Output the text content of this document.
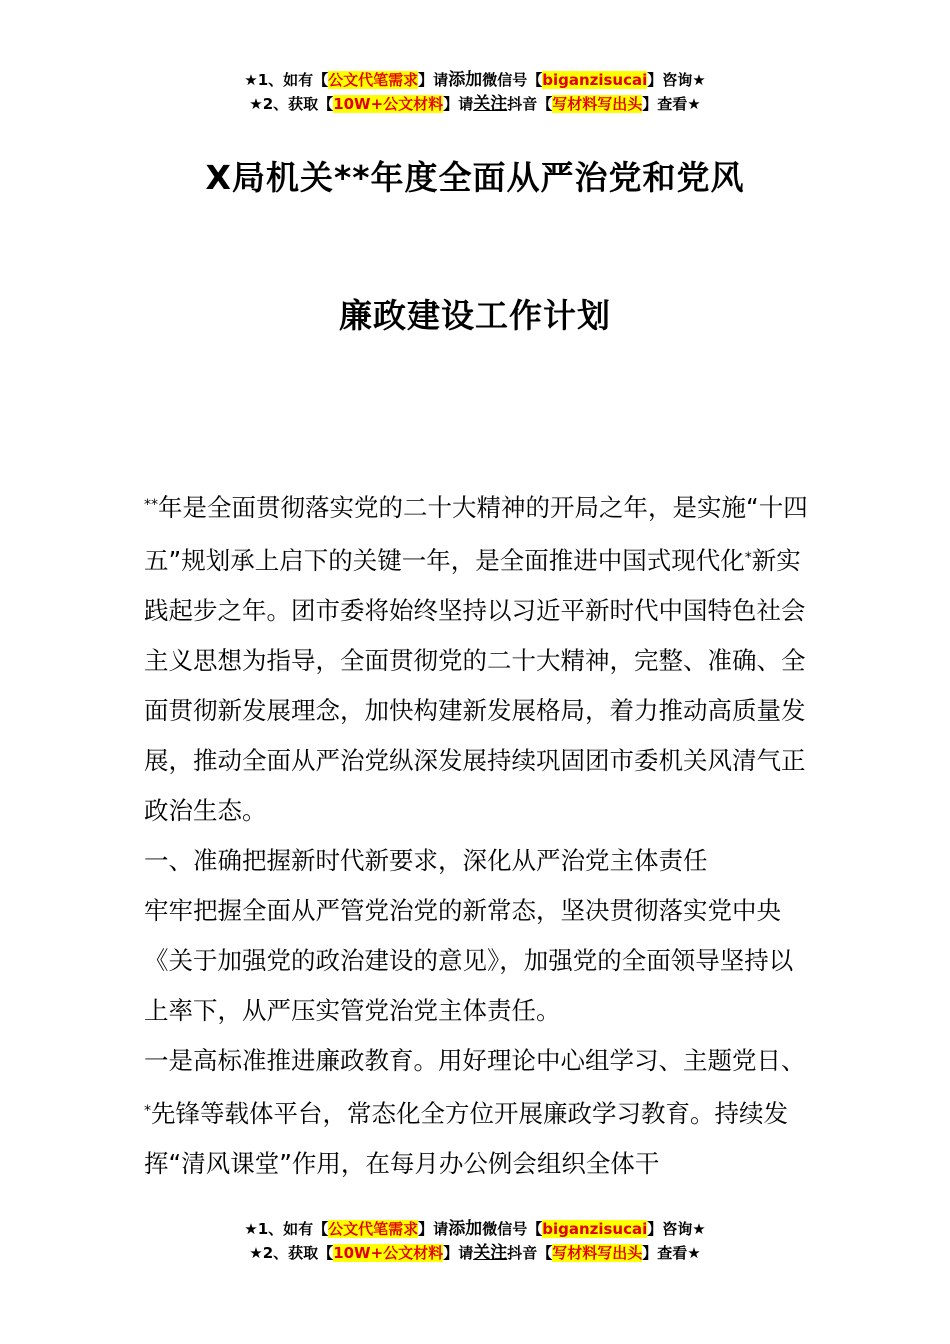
★1、如有【公文代笔需求】请添加微信号【biganzisucai】咨询★
★2、获取【10W+公文材料】请关注抖音【写材料写出头】查看★
X局机关**年度全面从严治党和党风
廉政建设工作计划

**年是全面贯彻落实党的二十大精神的开局之年，是实施“十四五”规划承上启下的关键一年，是全面推进中国式现代化*新实践起步之年。团市委将始终坚持以习近平新时代中国特色社会主义思想为指导，全面贯彻党的二十大精神，完整、准确、全面贯彻新发展理念，加快构建新发展格局，着力推动高质量发展，推动全面从严治党纵深发展持续巩固团市委机关风清气正政治生态。

一、准确把握新时代新要求，深化从严治党主体责任

牢牢把握全面从严管党治党的新常态，坚决贯彻落实党中央《关于加强党的政治建设的意见》，加强党的全面领导坚持以上率下，从严压实管党治党主体责任。

一是高标准推进廉政教育。用好理论中心组学习、主题党日、*先锋等载体平台，常态化全方位开展廉政学习教育。持续发挥“清风课堂”作用，在每月办公例会组织全体干

★1、如有【公文代笔需求】请添加微信号【biganzisucai】咨询★
★2、获取【10W+公文材料】请关注抖音【写材料写出头】查看★
